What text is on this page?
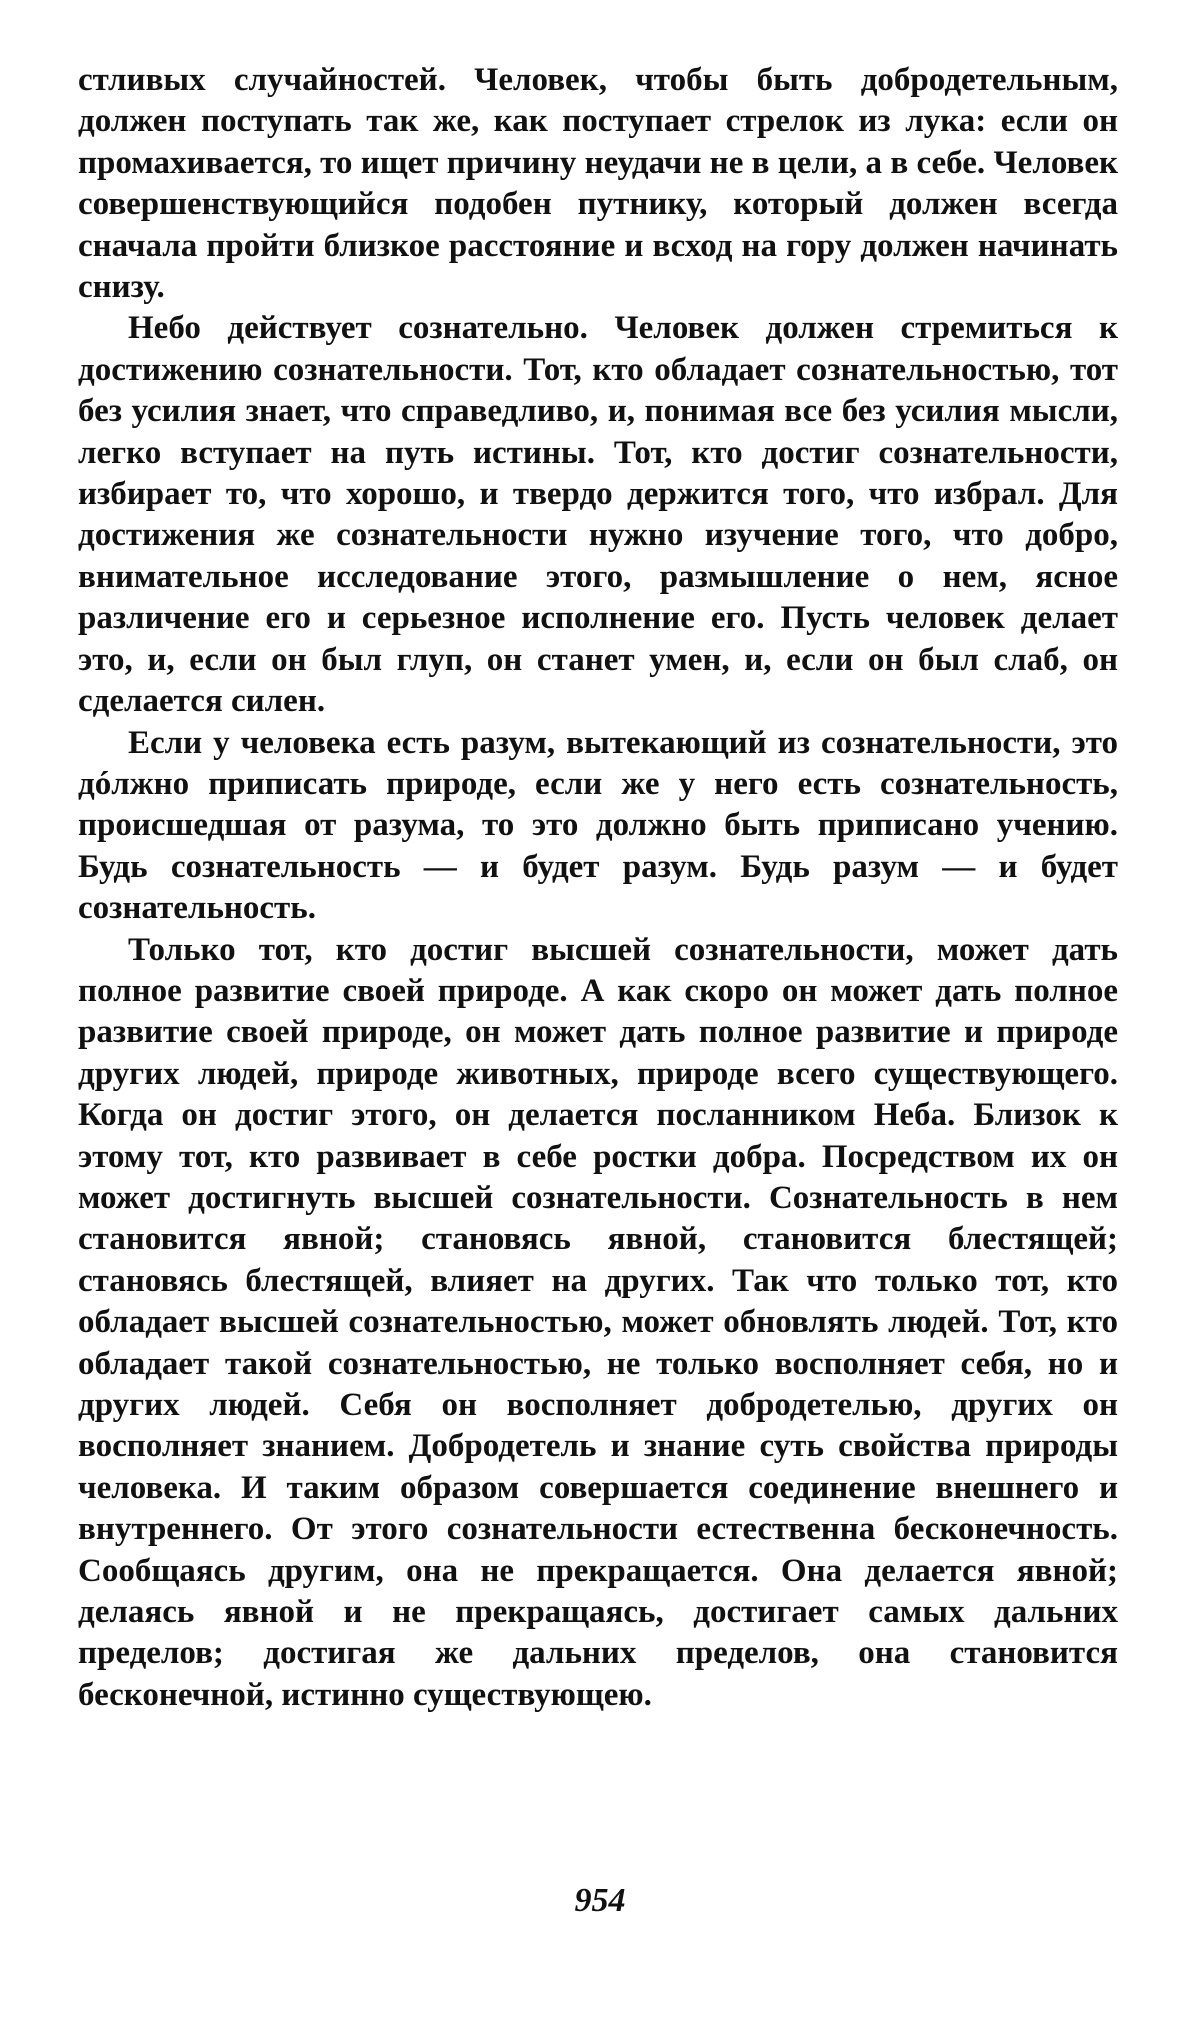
стливых случайностей. Человек, чтобы быть добродетельным, должен поступать так же, как поступает стрелок из лука: если он промахивается, то ищет причину неудачи не в цели, а в себе. Человек совершенствующийся подобен путнику, который должен всегда сначала пройти близкое расстояние и всход на гору должен начинать снизу.

Небо действует сознательно. Человек должен стремиться к достижению сознательности. Тот, кто обладает сознательностью, тот без усилия знает, что справедливо, и, понимая все без усилия мысли, легко вступает на путь истины. Тот, кто достиг сознательности, избирает то, что хорошо, и твердо держится того, что избрал. Для достижения же сознательности нужно изучение того, что добро, внимательное исследование этого, размышление о нем, ясное различение его и серьезное исполнение его. Пусть человек делает это, и, если он был глуп, он станет умен, и, если он был слаб, он сделается силен.

Если у человека есть разум, вытекающий из сознательности, это дóлжно приписать природе, если же у него есть сознательность, происшедшая от разума, то это должно быть приписано учению. Будь сознательность — и будет разум. Будь разум — и будет сознательность.

Только тот, кто достиг высшей сознательности, может дать полное развитие своей природе. А как скоро он может дать полное развитие своей природе, он может дать полное развитие и природе других людей, природе животных, природе всего существующего. Когда он достиг этого, он делается посланником Неба. Близок к этому тот, кто развивает в себе ростки добра. Посредством их он может достигнуть высшей сознательности. Сознательность в нем становится явной; становясь явной, становится блестящей; становясь блестящей, влияет на других. Так что только тот, кто обладает высшей сознательностью, может обновлять людей. Тот, кто обладает такой сознательностью, не только восполняет себя, но и других людей. Себя он восполняет добродетелью, других он восполняет знанием. Добродетель и знание суть свойства природы человека. И таким образом совершается соединение внешнего и внутреннего. От этого сознательности естественна бесконечность. Сообщаясь другим, она не прекращается. Она делается явной; делаясь явной и не прекращаясь, достигает самых дальних пределов; достигая же дальних пределов, она становится бесконечной, истинно существующею.

954
